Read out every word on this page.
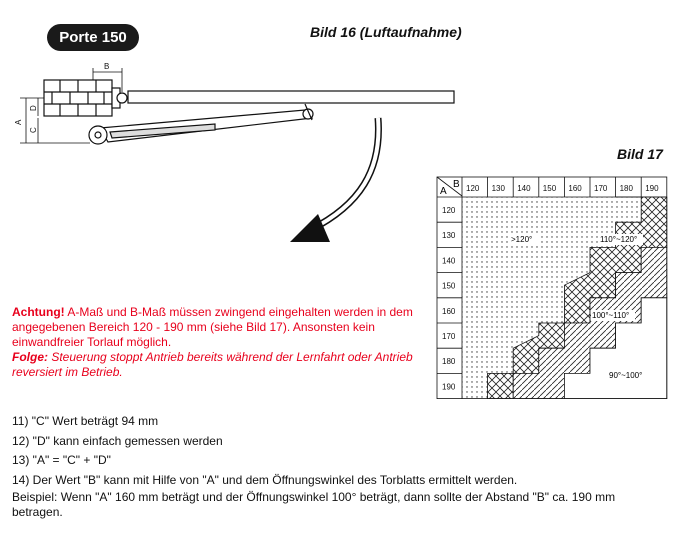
Porte 150	Bild 16 (Luftaufnahme)
Bild 17
A
D
C
B
120 130 140 150 160 170 180 190
120
130
140
150
160
170
180
190
A
B
>120°	110°~120°
100°~110°
90°~100°
Achtung! A-Maß und B-Maß müssen zwingend eingehalten werden in dem angegebenen Bereich 120 - 190 mm (siehe Bild 17). Ansonsten kein einwandfreier Torlauf möglich.
Folge: Steuerung stoppt Antrieb bereits während der Lernfahrt oder Antrieb reversiert im Betrieb.
11) "C" Wert beträgt 94 mm
12) "D" kann einfach gemessen werden
13) "A" = "C" + "D"
14) Der Wert "B" kann mit Hilfe von "A" und dem Öffnungswinkel des Torblatts ermittelt werden.
Beispiel: Wenn "A" 160 mm beträgt und der Öffnungswinkel 100° beträgt, dann sollte der Abstand "B" ca. 190 mm betragen.
